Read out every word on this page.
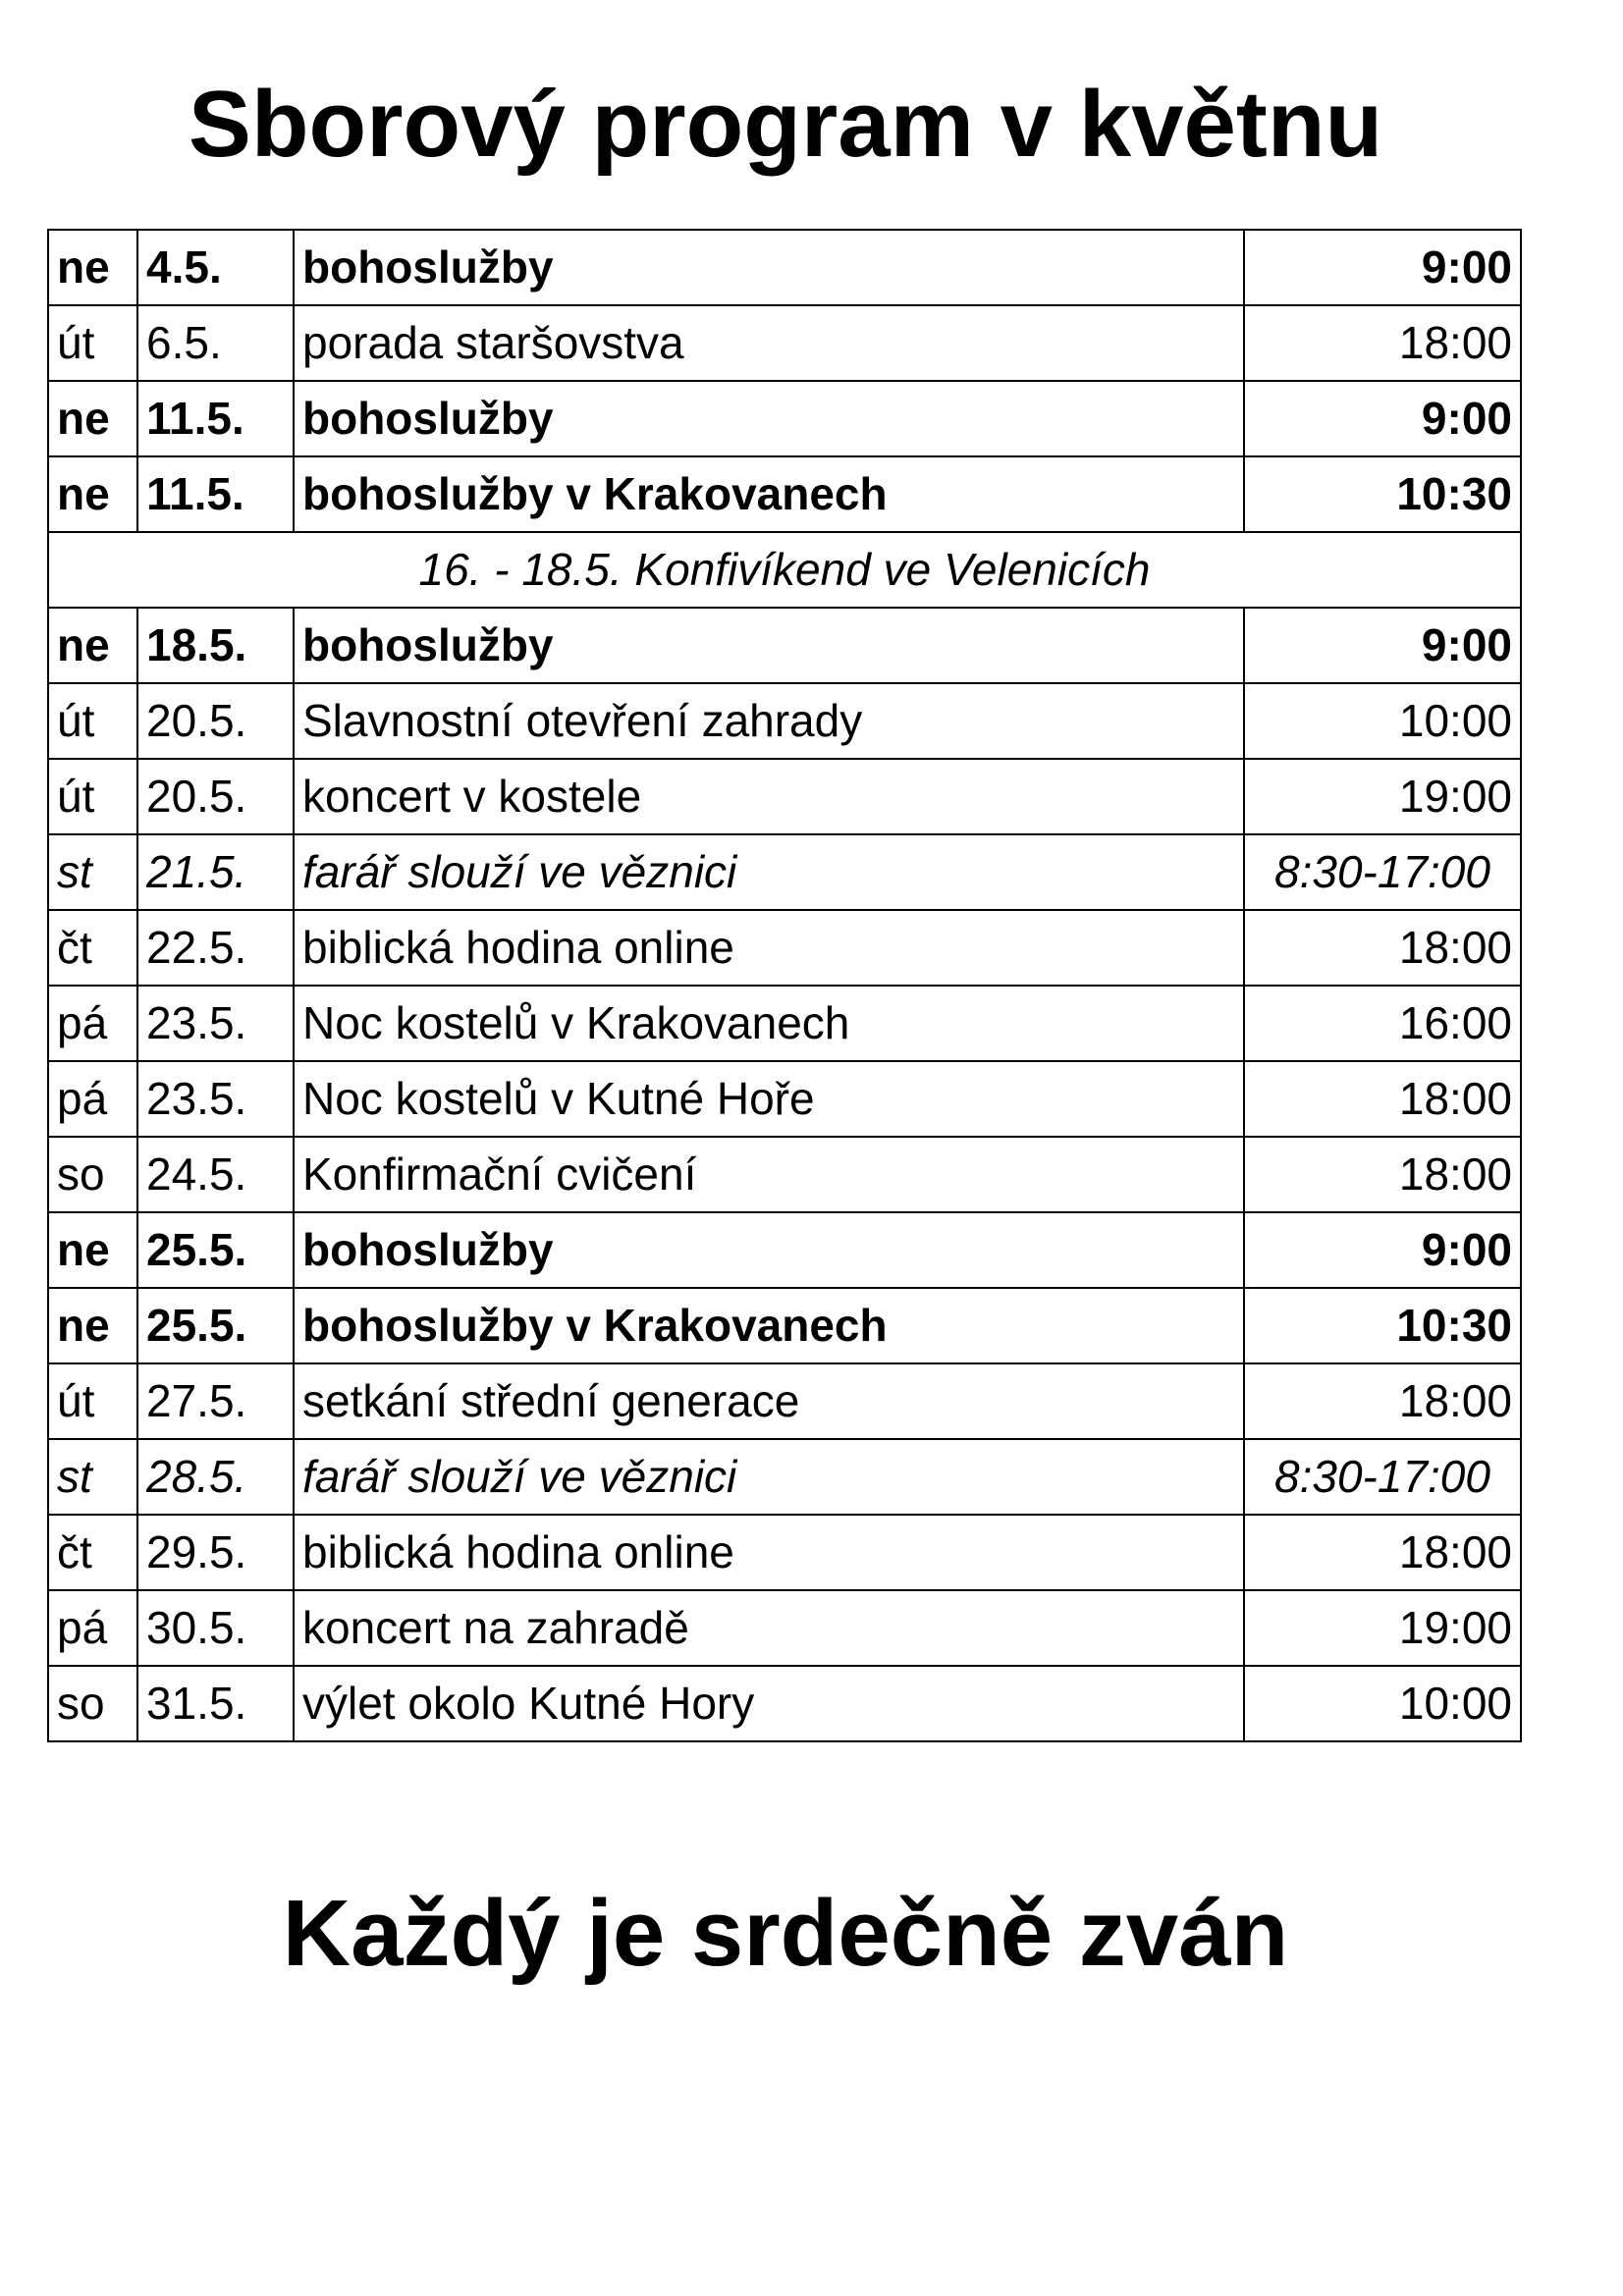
Sborový program v květnu
ne	4.5.	bohoslužby	9:00
út	6.5.	porada staršovstva	18:00
ne	11.5.	bohoslužby	9:00
ne	11.5.	bohoslužby v Krakovanech	10:30
16. - 18.5. Konfivíkend ve Velenicích			
ne	18.5.	bohoslužby	9:00
út	20.5.	Slavnostní otevření zahrady	10:00
út	20.5.	koncert v kostele	19:00
st	21.5.	farář slouží ve věznici	8:30-17:00
čt	22.5.	biblická hodina online	18:00
pá	23.5.	Noc kostelů v Krakovanech	16:00
pá	23.5.	Noc kostelů v Kutné Hoře	18:00
so	24.5.	Konfirmační cvičení	18:00
ne	25.5.	bohoslužby	9:00
ne	25.5.	bohoslužby v Krakovanech	10:30
út	27.5.	setkání střední generace	18:00
st	28.5.	farář slouží ve věznici	8:30-17:00
čt	29.5.	biblická hodina online	18:00
pá	30.5.	koncert na zahradě	19:00
so	31.5.	výlet okolo Kutné Hory	10:00
Každý je srdečně zván
